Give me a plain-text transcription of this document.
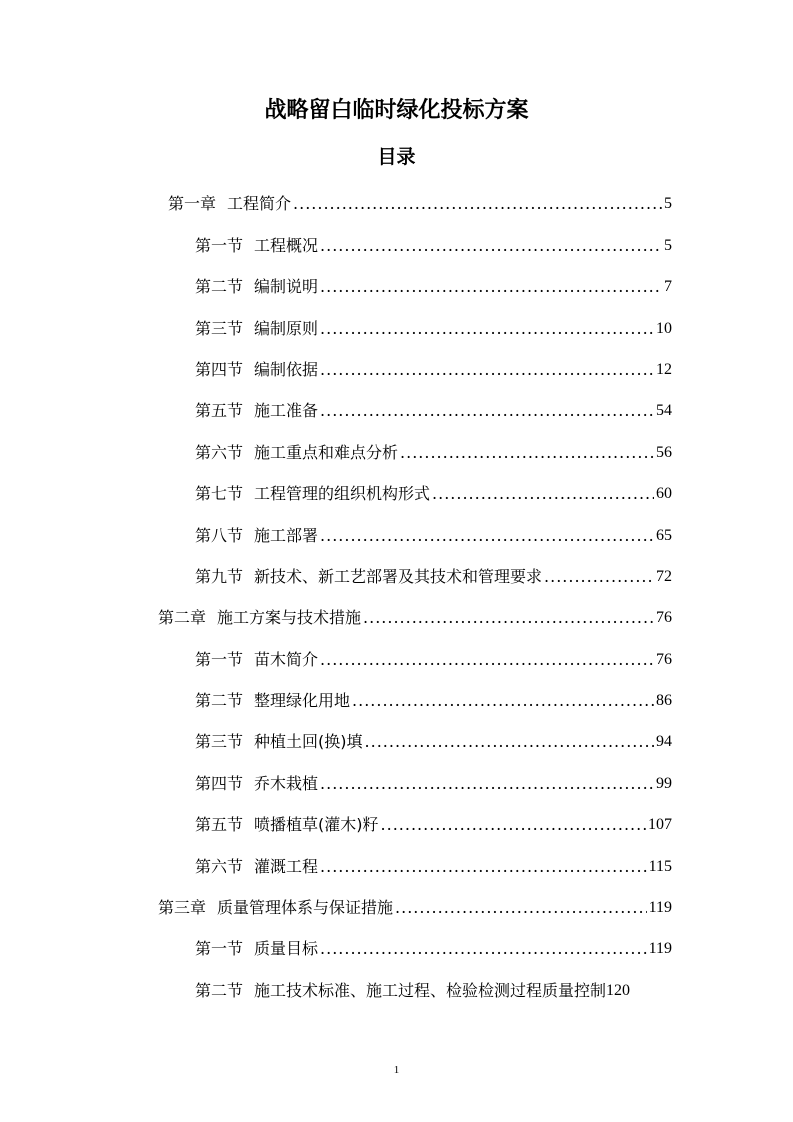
战略留白临时绿化投标方案
目录
第一章 工程简介 .....	5
第一节 工程概况 .....	5
第二节 编制说明 .....	7
第三节 编制原则 .....	10
第四节 编制依据 .....	12
第五节 施工准备 .....	54
第六节 施工重点和难点分析 .....	56
第七节 工程管理的组织机构形式 .....	60
第八节 施工部署 .....	65
第九节 新技术、新工艺部署及其技术和管理要求 .....	72
第二章 施工方案与技术措施 .....	76
第一节 苗木简介 .....	76
第二节 整理绿化用地 .....	86
第三节 种植土回(换)填 .....	94
第四节 乔木栽植 .....	99
第五节 喷播植草(灌木)籽 .....	107
第六节 灌溉工程 .....	115
第三章 质量管理体系与保证措施 .....	119
第一节 质量目标 .....	119
第二节 施工技术标准、施工过程、检验检测过程质量控制 120

1
